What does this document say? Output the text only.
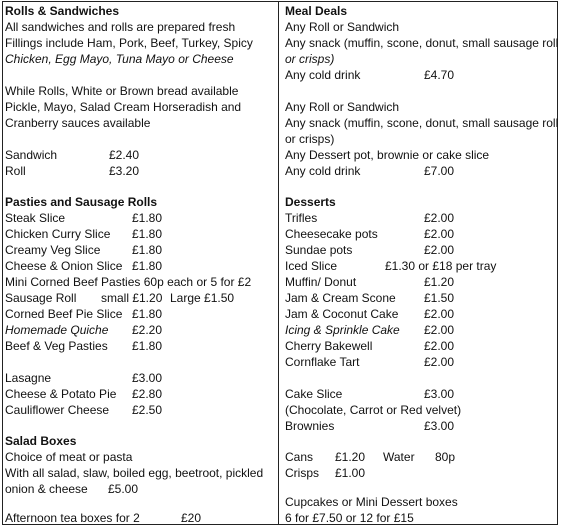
Rolls & Sandwiches
All sandwiches and rolls are prepared fresh
Fillings include Ham, Pork, Beef, Turkey, Spicy
Chicken, Egg Mayo, Tuna Mayo or Cheese
While Rolls, White or Brown bread available
Pickle, Mayo, Salad Cream Horseradish and
Cranberry sauces available
Sandwich	£2.40
Roll	£3.20
Pasties and Sausage Rolls
Steak Slice	£1.80
Chicken Curry Slice £1.80
Creamy Veg Slice	£1.80
Cheese & Onion Slice £1.80
Mini Corned Beef Pasties 60p each or 5 for £2
Sausage Roll small £1.20 Large £1.50
Corned Beef Pie Slice £1.80
Homemade Quiche £2.20
Beef & Veg Pasties £1.80
Lasagne	£3.00
Cheese & Potato Pie £2.80
Cauliflower Cheese £2.50
Salad Boxes
Choice of meat or pasta
With all salad, slaw, boiled egg, beetroot, pickled
onion & cheese £5.00
Afternoon tea boxes for 2	£20
Meal Deals
Any Roll or Sandwich
Any snack (muffin, scone, donut, small sausage roll
or crisps)
Any cold drink	£4.70
Any Roll or Sandwich
Any snack (muffin, scone, donut, small sausage roll
or crisps)
Any Dessert pot, brownie or cake slice
Any cold drink	£7.00
Desserts
Trifles	£2.00
Cheesecake pots	£2.00
Sundae pots	£2.00
Iced Slice	£1.30 or £18 per tray
Muffin/ Donut	£1.20
Jam & Cream Scone £1.50
Jam & Coconut Cake £2.00
Icing & Sprinkle Cake £2.00
Cherry Bakewell	£2.00
Cornflake Tart	£2.00
Cake Slice	£3.00
(Chocolate, Carrot or Red velvet)
Brownies	£3.00
Cans £1.20 Water 80p
Crisps £1.00
Cupcakes or Mini Dessert boxes
6 for £7.50 or 12 for £15
